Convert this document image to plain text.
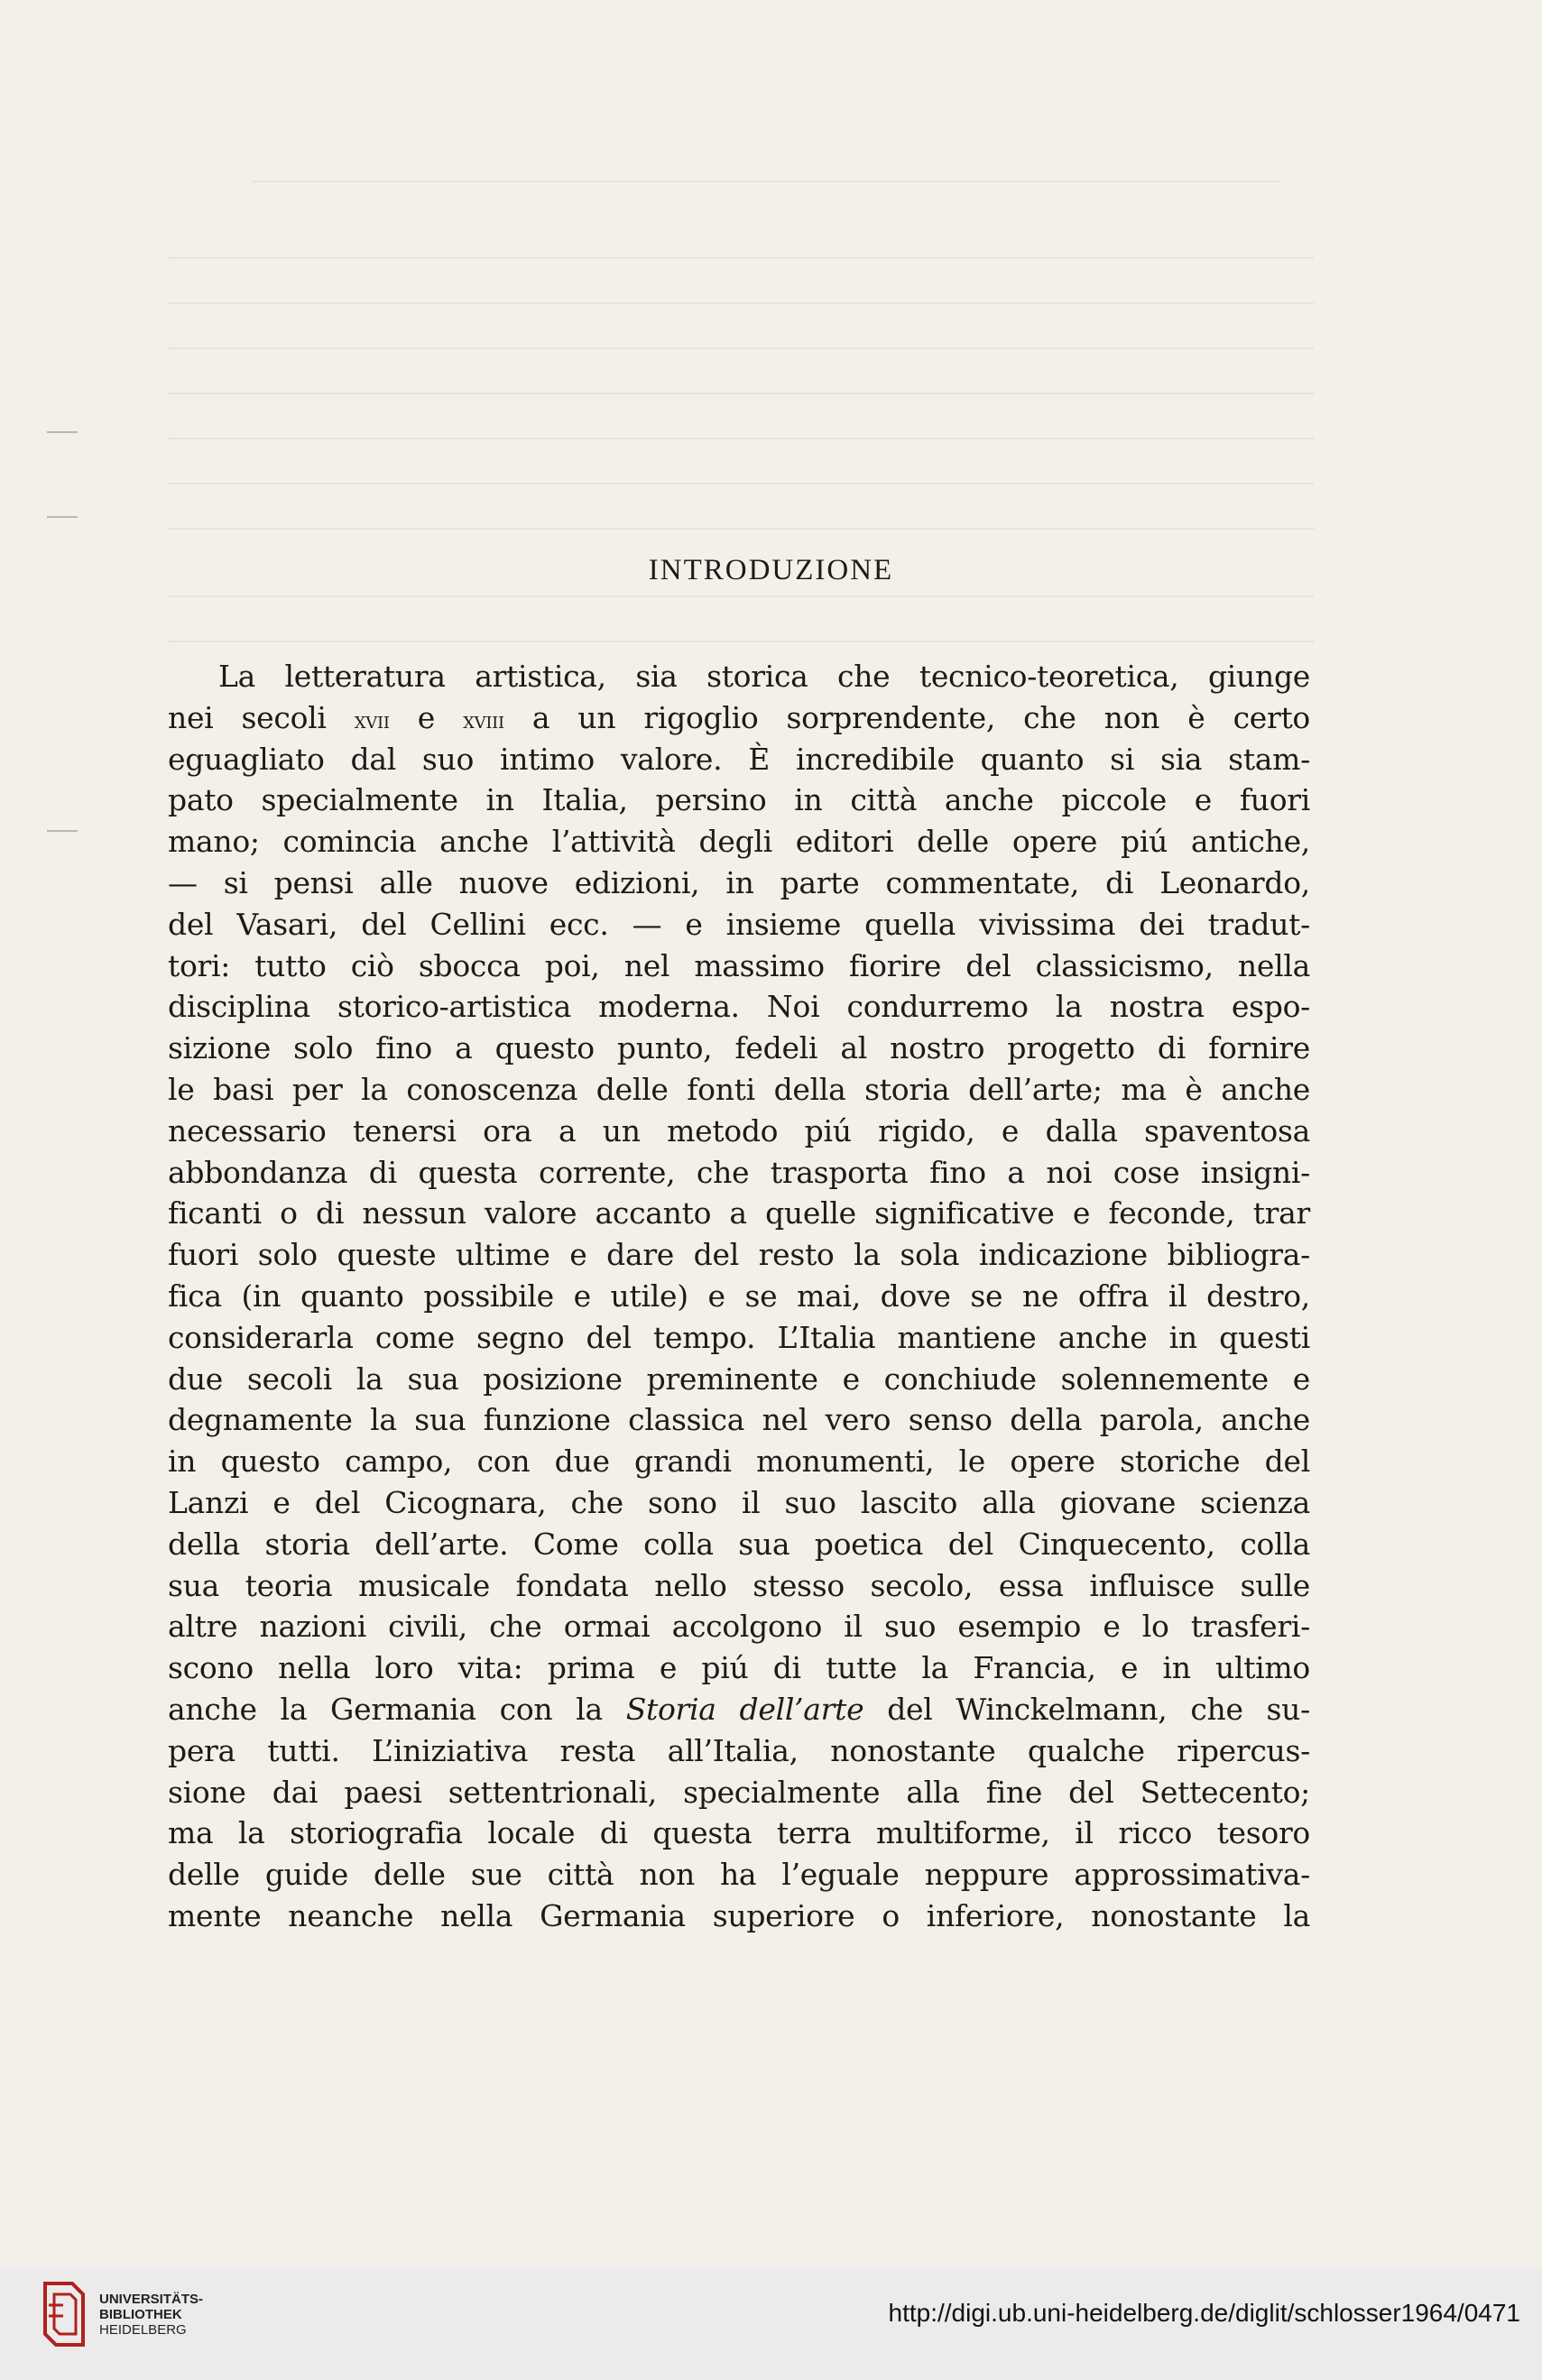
INTRODUZIONE
La letteratura artistica, sia storica che tecnico-teoretica, giunge
nei secoli xvii e xviii a un rigoglio sorprendente, che non è certo
eguagliato dal suo intimo valore. È incredibile quanto si sia stam-
pato specialmente in Italia, persino in città anche piccole e fuori
mano; comincia anche l’attività degli editori delle opere piú antiche,
— si pensi alle nuove edizioni, in parte commentate, di Leonardo,
del Vasari, del Cellini ecc. — e insieme quella vivissima dei tradut-
tori: tutto ciò sbocca poi, nel massimo fiorire del classicismo, nella
disciplina storico-artistica moderna. Noi condurremo la nostra espo-
sizione solo fino a questo punto, fedeli al nostro progetto di fornire
le basi per la conoscenza delle fonti della storia dell’arte; ma è anche
necessario tenersi ora a un metodo piú rigido, e dalla spaventosa
abbondanza di questa corrente, che trasporta fino a noi cose insigni-
ficanti o di nessun valore accanto a quelle significative e feconde, trar
fuori solo queste ultime e dare del resto la sola indicazione bibliogra-
fica (in quanto possibile e utile) e se mai, dove se ne offra il destro,
considerarla come segno del tempo. L’Italia mantiene anche in questi
due secoli la sua posizione preminente e conchiude solennemente e
degnamente la sua funzione classica nel vero senso della parola, anche
in questo campo, con due grandi monumenti, le opere storiche del
Lanzi e del Cicognara, che sono il suo lascito alla giovane scienza
della storia dell’arte. Come colla sua poetica del Cinquecento, colla
sua teoria musicale fondata nello stesso secolo, essa influisce sulle
altre nazioni civili, che ormai accolgono il suo esempio e lo trasferi-
scono nella loro vita: prima e piú di tutte la Francia, e in ultimo
anche la Germania con la Storia dell’arte del Winckelmann, che su-
pera tutti. L’iniziativa resta all’Italia, nonostante qualche ripercus-
sione dai paesi settentrionali, specialmente alla fine del Settecento;
ma la storiografia locale di questa terra multiforme, il ricco tesoro
delle guide delle sue città non ha l’eguale neppure approssimativa-
mente neanche nella Germania superiore o inferiore, nonostante la
UNIVERSITÄTS-
BIBLIOTHEK
HEIDELBERG
http://digi.ub.uni-heidelberg.de/diglit/schlosser1964/0471
